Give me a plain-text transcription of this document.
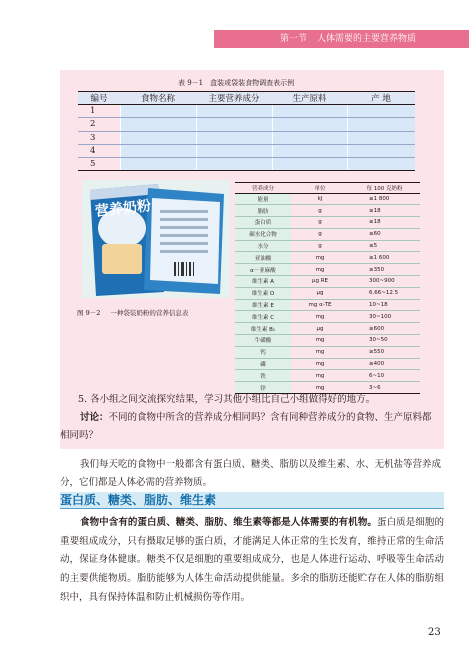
第一节 人体需要的主要营养物质
表 9－1　盒装或袋装食物调查表示例
编号	食物名称	主要营养成分	生产原料	产 地
1				
2				
3				
4				
5				
营养奶粉
图 9－2 一种袋装奶粉的营养信息表
营养成分	单位	每 100 克奶粉
能量	kJ	≥1 800
脂肪	g	≥18
蛋白质	g	≥18
碳水化合物	g	≤60
水分	g	≤5
亚油酸	mg	≥1 600
α－亚麻酸	mg	≥350
维生素 A	μg RE	300~900
维生素 D	μg	6.66~12.5
维生素 E	mg α-TE	10~18
维生素 C	mg	30~100
维生素 B₁	μg	≥600
牛磺酸	mg	30~50
钙	mg	≥550
磷	mg	≥400
铁	mg	6~10
锌	mg	3~6
5. 各小组之间交流探究结果，学习其他小组比自己小组做得好的地方。
讨论：不同的食物中所含的营养成分相同吗？含有同种营养成分的食物、生产原料都相同吗？
我们每天吃的食物中一般都含有蛋白质、糖类、脂肪以及维生素、水、无机盐等营养成分，它们都是人体必需的营养物质。
蛋白质、糖类、脂肪、维生素
食物中含有的蛋白质、糖类、脂肪、维生素等都是人体需要的有机物。蛋白质是细胞的重要组成成分，只有摄取足够的蛋白质，才能满足人体正常的生长发育，维持正常的生命活动，保证身体健康。糖类不仅是细胞的重要组成成分，也是人体进行运动、呼吸等生命活动的主要供能物质。脂肪能够为人体生命活动提供能量。多余的脂肪还能贮存在人体的脂肪组织中，具有保持体温和防止机械损伤等作用。
23
